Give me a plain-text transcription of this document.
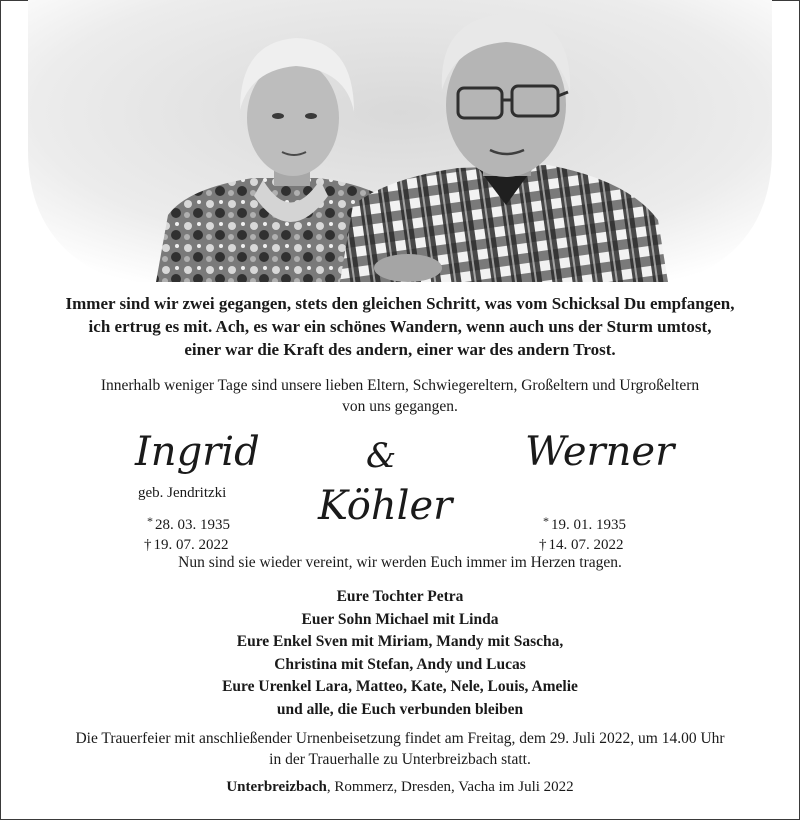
Immer sind wir zwei gegangen, stets den gleichen Schritt, was vom Schicksal Du empfangen,
ich ertrug es mit. Ach, es war ein schönes Wandern, wenn auch uns der Sturm umtost,
einer war die Kraft des andern, einer war des andern Trost.
Innerhalb weniger Tage sind unsere lieben Eltern, Schwiegereltern, Großeltern und Urgroßeltern
von uns gegangen.
Ingrid	&
Köhler
Werner
geb. Jendritzki
* 28. 03. 1935
† 19. 07. 2022
* 19. 01. 1935
† 14. 07. 2022
Nun sind sie wieder vereint, wir werden Euch immer im Herzen tragen.
Eure Tochter Petra
Euer Sohn Michael mit Linda
Eure Enkel Sven mit Miriam, Mandy mit Sascha,
Christina mit Stefan, Andy und Lucas
Eure Urenkel Lara, Matteo, Kate, Nele, Louis, Amelie
und alle, die Euch verbunden bleiben
Die Trauerfeier mit anschließender Urnenbeisetzung findet am Freitag, dem 29. Juli 2022, um 14.00 Uhr
in der Trauerhalle zu Unterbreizbach statt.
Unterbreizbach, Rommerz, Dresden, Vacha im Juli 2022
